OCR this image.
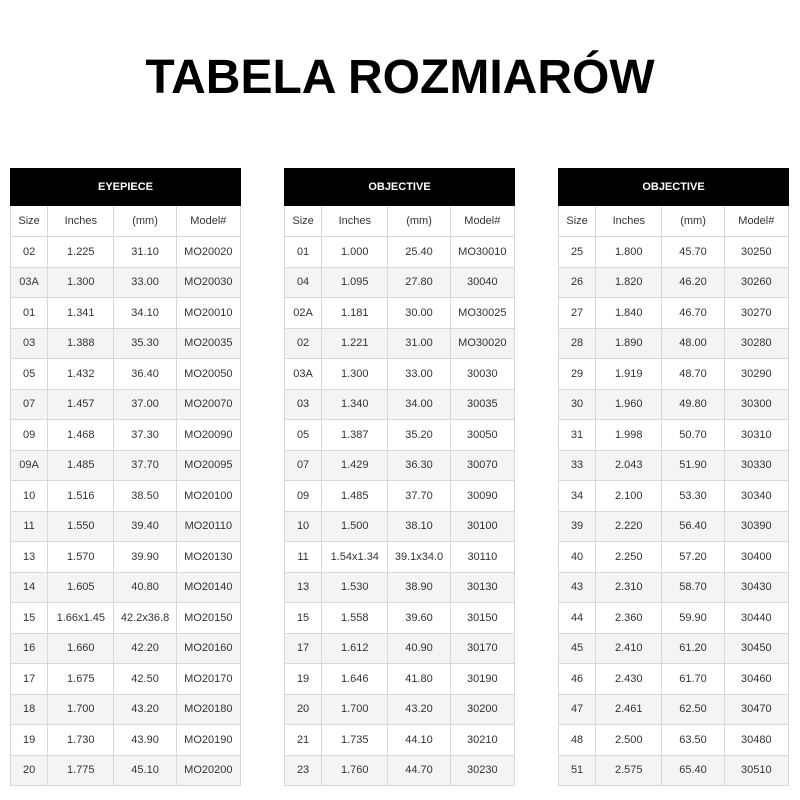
TABELA ROZMIARÓW
EYEPIECE			
Size	Inches	(mm)	Model#
02	1.225	31.10	MO20020
03A	1.300	33.00	MO20030
01	1.341	34.10	MO20010
03	1.388	35.30	MO20035
05	1.432	36.40	MO20050
07	1.457	37.00	MO20070
09	1.468	37.30	MO20090
09A	1.485	37.70	MO20095
10	1.516	38.50	MO20100
11	1.550	39.40	MO20110
13	1.570	39.90	MO20130
14	1.605	40.80	MO20140
15	1.66x1.45	42.2x36.8	MO20150
16	1.660	42.20	MO20160
17	1.675	42.50	MO20170
18	1.700	43.20	MO20180
19	1.730	43.90	MO20190
20	1.775	45.10	MO20200
OBJECTIVE			
Size	Inches	(mm)	Model#
01	1.000	25.40	MO30010
04	1.095	27.80	30040
02A	1.181	30.00	MO30025
02	1.221	31.00	MO30020
03A	1.300	33.00	30030
03	1.340	34.00	30035
05	1.387	35.20	30050
07	1.429	36.30	30070
09	1.485	37.70	30090
10	1.500	38.10	30100
11	1.54x1.34	39.1x34.0	30110
13	1.530	38.90	30130
15	1.558	39.60	30150
17	1.612	40.90	30170
19	1.646	41.80	30190
20	1.700	43.20	30200
21	1.735	44.10	30210
23	1.760	44.70	30230
OBJECTIVE			
Size	Inches	(mm)	Model#
25	1.800	45.70	30250
26	1.820	46.20	30260
27	1.840	46.70	30270
28	1.890	48.00	30280
29	1.919	48.70	30290
30	1.960	49.80	30300
31	1.998	50.70	30310
33	2.043	51.90	30330
34	2.100	53.30	30340
39	2.220	56.40	30390
40	2.250	57.20	30400
43	2.310	58.70	30430
44	2.360	59.90	30440
45	2.410	61.20	30450
46	2.430	61.70	30460
47	2.461	62.50	30470
48	2.500	63.50	30480
51	2.575	65.40	30510
